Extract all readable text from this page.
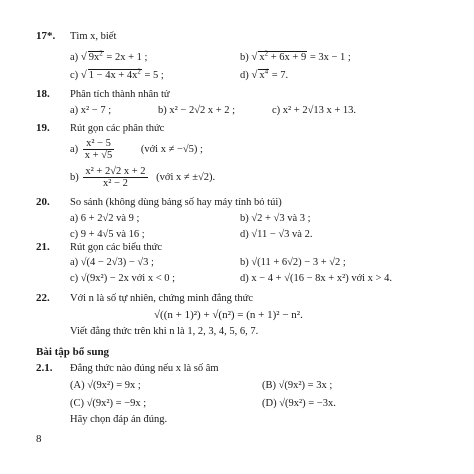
17*. Tìm x, biết
a) √ $9x^2 = 2x + 1$ ;	b) √ $x^2 + 6x + 9 = 3x - 1$ ;
c) √ $1 - 4x + 4x^2 = 5$ ;	d) √ $x^4 = 7$.
18. Phân tích thành nhân tử
a) x² − 7 ;	b) x² − 2√2 x + 2 ;	c) x² + 2√13 x + 13.
19. Rút gọn các phân thức
$a) \frac{\text{x² − 5}}{x + √5}$	(với x ≠ −√5) ;
$b) \frac{\text{x² + 2√2 x + 2}}{\text{x² − 2}}$ (với x ≠ ±√2).
20. So sánh (không dùng bảng số hay máy tính bỏ túi)
a) 6 + 2√2 và 9 ;	b) √2 + √3 và 3 ;
c) 9 + 4√5 và 16 ;	d) √11 − √3 và 2.
21. Rút gọn các biểu thức
a) √(4 − 2√3) − √3 ;	b) √(11 + 6√2) − 3 + √2 ;
c) √(9x²) − 2x với x < 0 ;	d) x − 4 + √(16 − 8x + x²) với x > 4.
22. Với n là số tự nhiên, chứng minh đẳng thức
√((n + 1)²) + √(n²) = (n + 1)² − n².
Viết đẳng thức trên khi n là 1, 2, 3, 4, 5, 6, 7.
Bài tập bổ sung
2.1. Đẳng thức nào đúng nếu x là số âm
(A) √(9x²) = 9x ;	(B) √(9x²) = 3x ;
(C) √(9x²) = −9x ;	(D) √(9x²) = −3x.
Hãy chọn đáp án đúng.
8
